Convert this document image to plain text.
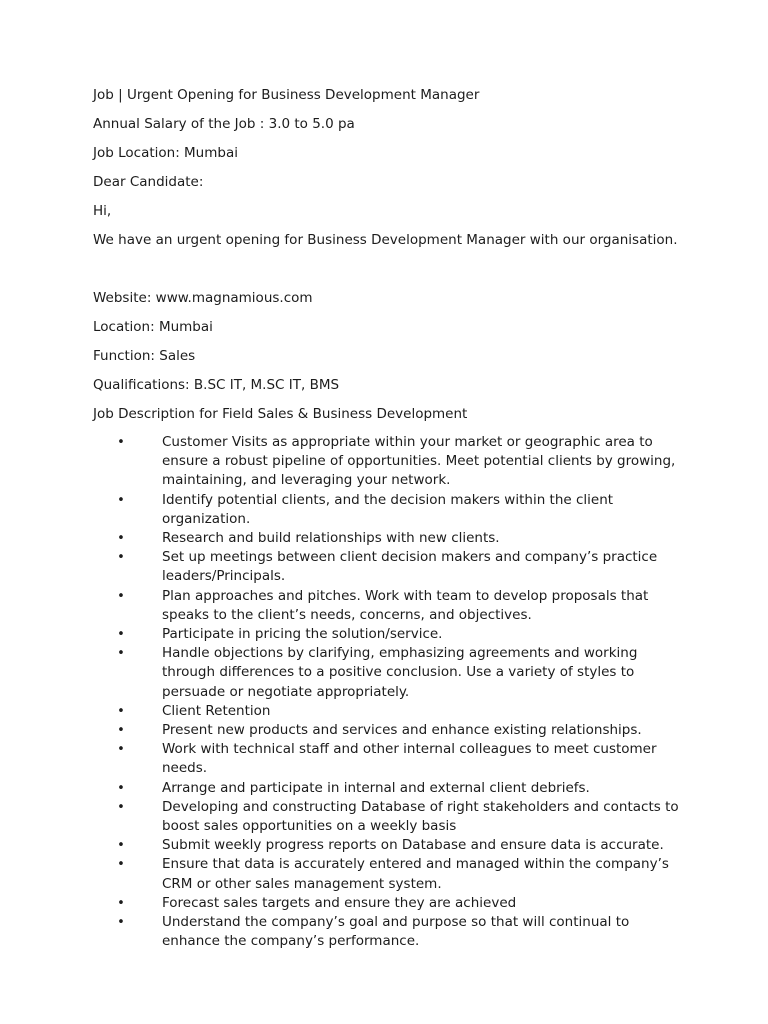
Job | Urgent Opening for Business Development Manager

Annual Salary of the Job : 3.0 to 5.0 pa

Job Location: Mumbai

Dear Candidate:

Hi,

We have an urgent opening for Business Development Manager with our organisation.

Website: www.magnamious.com

Location: Mumbai

Function: Sales

Qualifications: B.SC IT, M.SC IT, BMS

Job Description for Field Sales & Business Development

•	Customer Visits as appropriate within your market or geographic area to ensure a robust pipeline of opportunities. Meet potential clients by growing, maintaining, and leveraging your network.
•	Identify potential clients, and the decision makers within the client organization.
•	Research and build relationships with new clients.
•	Set up meetings between client decision makers and company’s practice leaders/Principals.
•	Plan approaches and pitches. Work with team to develop proposals that speaks to the client’s needs, concerns, and objectives.
•	Participate in pricing the solution/service.
•	Handle objections by clarifying, emphasizing agreements and working through differences to a positive conclusion. Use a variety of styles to persuade or negotiate appropriately.
•	Client Retention
•	Present new products and services and enhance existing relationships.
•	Work with technical staff and other internal colleagues to meet customer needs.
•	Arrange and participate in internal and external client debriefs.
•	Developing and constructing Database of right stakeholders and contacts to boost sales opportunities on a weekly basis
•	Submit weekly progress reports on Database and ensure data is accurate.
•	Ensure that data is accurately entered and managed within the company’s CRM or other sales management system.
•	Forecast sales targets and ensure they are achieved
•	Understand the company’s goal and purpose so that will continual to enhance the company’s performance.
